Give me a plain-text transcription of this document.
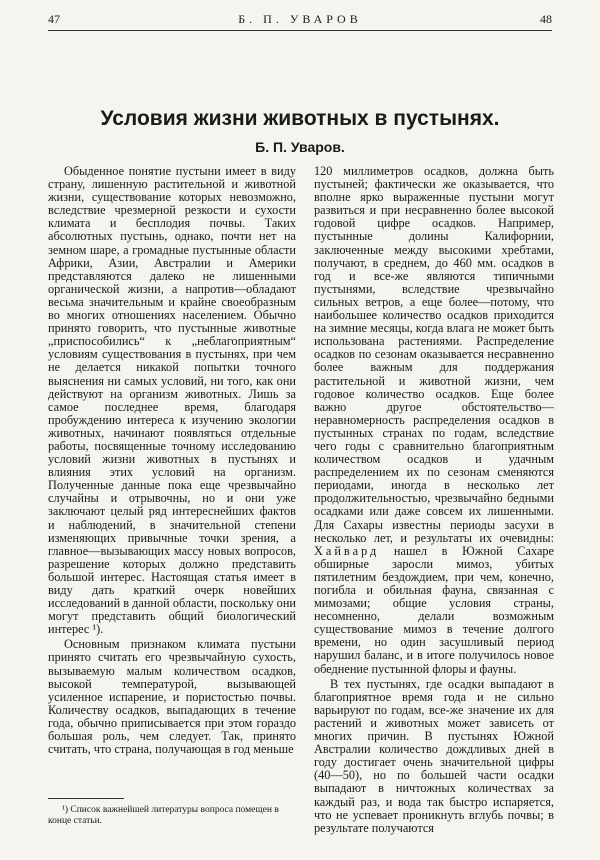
47	Б. П. УВАРОВ	48
Условия жизни животных в пустынях.
Б. П. Уваров.

Обыденное понятие пустыни имеет в виду страну, лишенную растительной и животной жизни, существование которых невозможно, вследствие чрезмерной резкости и сухости климата и бесплодия почвы. Таких абсолютных пустынь, однако, почти нет на земном шаре, а громадные пустынные области Африки, Азии, Австралии и Америки представляются далеко не лишенными органической жизни, а напротив—обладают весьма значительным и крайне своеобразным во многих отношениях населением. Обычно принято говорить, что пустынные животные „приспособились“ к „неблагоприятным“ условиям существования в пустынях, при чем не делается никакой попытки точного выяснения ни самых условий, ни того, как они действуют на организм животных. Лишь за самое последнее время, благодаря пробуждению интереса к изучению экологии животных, начинают появляться отдельные работы, посвященные точному исследованию условий жизни животных в пустынях и влияния этих условий на организм. Полученные данные пока еще чрезвычайно случайны и отрывочны, но и они уже заключают целый ряд интереснейших фактов и наблюдений, в значительной степени изменяющих привычные точки зрения, а главное—вызывающих массу новых вопросов, разрешение которых должно представить большой интерес. Настоящая статья имеет в виду дать краткий очерк новейших исследований в данной области, поскольку они могут представить общий биологический интерес ¹).

Основным признаком климата пустыни принято считать его чрезвычайную сухость, вызываемую малым количеством осадков, высокой температурой, вызывающей усиленное испарение, и пористостью почвы. Количеству осадков, выпадающих в течение года, обычно приписывается при этом гораздо большая роль, чем следует. Так, принято считать, что страна, получающая в год меньше

120 миллиметров осадков, должна быть пустыней; фактически же оказывается, что вполне ярко выраженные пустыни могут развиться и при несравненно более высокой годовой цифре осадков. Например, пустынные долины Калифорнии, заключенные между высокими хребтами, получают, в среднем, до 460 мм. осадков в год и все-же являются типичными пустынями, вследствие чрезвычайно сильных ветров, а еще более—потому, что наибольшее количество осадков приходится на зимние месяцы, когда влага не может быть использована растениями. Распределение осадков по сезонам оказывается несравненно более важным для поддержания растительной и животной жизни, чем годовое количество осадков. Еще более важно другое обстоятельство—неравномерность распределения осадков в пустынных странах по годам, вследствие чего годы с сравнительно благоприятным количеством осадков и удачным распределением их по сезонам сменяются периодами, иногда в несколько лет продолжительностью, чрезвычайно бедными осадками или даже совсем их лишенными. Для Сахары известны периоды засухи в несколько лет, и результаты их очевидны: Хайвард нашел в Южной Сахаре обширные заросли мимоз, убитых пятилетним бездождием, при чем, конечно, погибла и обильная фауна, связанная с мимозами; общие условия страны, несомненно, делали возможным существование мимоз в течение долгого времени, но один засушливый период нарушил баланс, и в итоге получилось новое обеднение пустынной флоры и фауны.

В тех пустынях, где осадки выпадают в благоприятное время года и не сильно варьируют по годам, все-же значение их для растений и животных может зависеть от многих причин. В пустынях Южной Австралии количество дождливых дней в году достигает очень значительной цифры (40—50), но по большей части осадки выпадают в ничтожных количествах за каждый раз, и вода так быстро испаряется, что не успевает проникнуть вглубь почвы; в результате получаются

¹) Список важнейшей литературы вопроса помещен в конце статьи.
